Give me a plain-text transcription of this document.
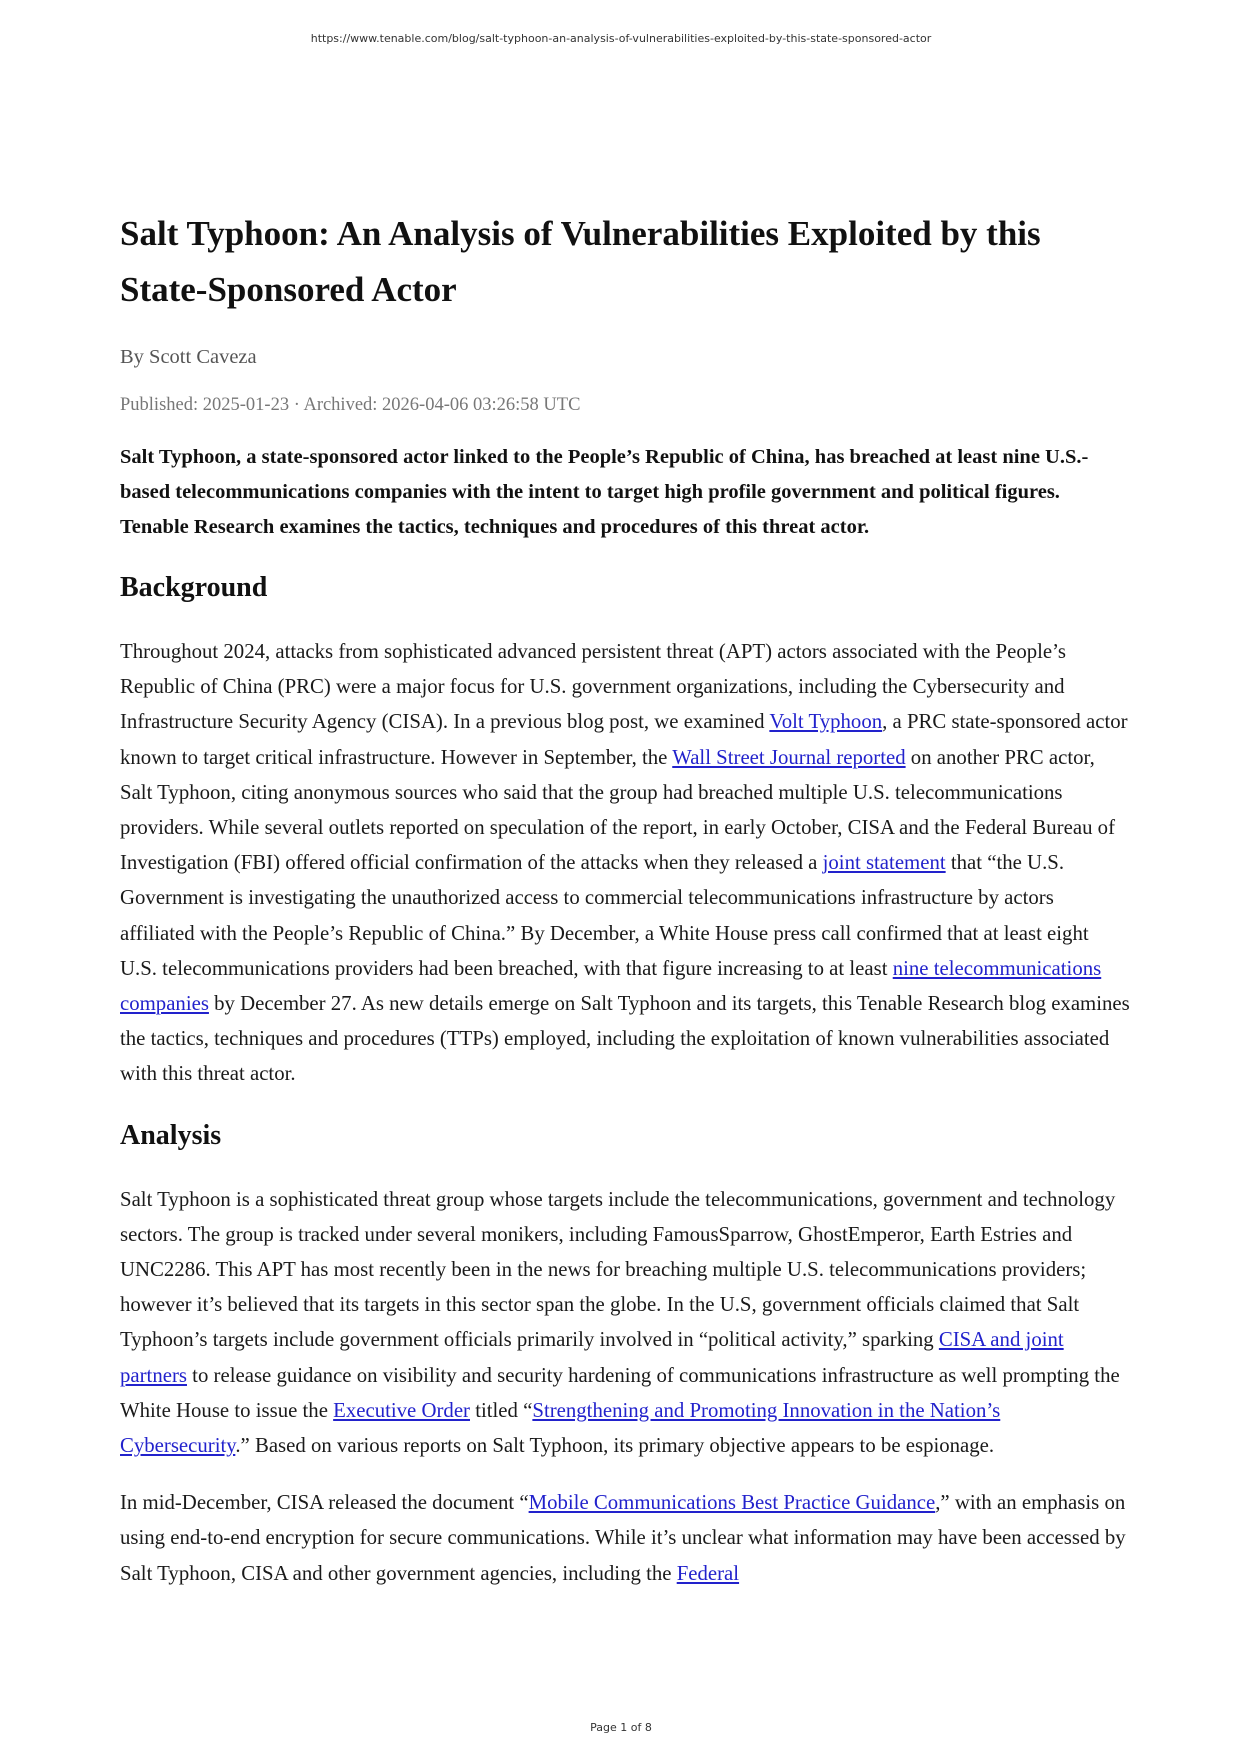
https://www.tenable.com/blog/salt-typhoon-an-analysis-of-vulnerabilities-exploited-by-this-state-sponsored-actor
Salt Typhoon: An Analysis of Vulnerabilities Exploited by this
State-Sponsored Actor
By Scott Caveza
Published: 2025-01-23 · Archived: 2026-04-06 03:26:58 UTC
Salt Typhoon, a state-sponsored actor linked to the People’s Republic of China, has breached at least nine U.S.-based telecommunications companies with the intent to target high profile government and political figures. Tenable Research examines the tactics, techniques and procedures of this threat actor.
Background

Throughout 2024, attacks from sophisticated advanced persistent threat (APT) actors associated with the People’s Republic of China (PRC) were a major focus for U.S. government organizations, including the Cybersecurity and Infrastructure Security Agency (CISA). In a previous blog post, we examined Volt Typhoon, a PRC state-sponsored actor known to target critical infrastructure. However in September, the Wall Street Journal reported on another PRC actor, Salt Typhoon, citing anonymous sources who said that the group had breached multiple U.S. telecommunications providers. While several outlets reported on speculation of the report, in early October, CISA and the Federal Bureau of Investigation (FBI) offered official confirmation of the attacks when they released a joint statement that “the U.S. Government is investigating the unauthorized access to commercial telecommunications infrastructure by actors affiliated with the People’s Republic of China.” By December, a White House press call confirmed that at least eight U.S. telecommunications providers had been breached, with that figure increasing to at least nine telecommunications companies by December 27. As new details emerge on Salt Typhoon and its targets, this Tenable Research blog examines the tactics, techniques and procedures (TTPs) employed, including the exploitation of known vulnerabilities associated with this threat actor.

Analysis

Salt Typhoon is a sophisticated threat group whose targets include the telecommunications, government and technology sectors. The group is tracked under several monikers, including FamousSparrow, GhostEmperor, Earth Estries and UNC2286. This APT has most recently been in the news for breaching multiple U.S. telecommunications providers; however it’s believed that its targets in this sector span the globe. In the U.S, government officials claimed that Salt Typhoon’s targets include government officials primarily involved in “political activity,” sparking CISA and joint partners to release guidance on visibility and security hardening of communications infrastructure as well prompting the White House to issue the Executive Order titled “Strengthening and Promoting Innovation in the Nation’s Cybersecurity.” Based on various reports on Salt Typhoon, its primary objective appears to be espionage.

In mid-December, CISA released the document “Mobile Communications Best Practice Guidance,” with an emphasis on using end-to-end encryption for secure communications. While it’s unclear what information may have been accessed by Salt Typhoon, CISA and other government agencies, including the Federal

Page 1 of 8
